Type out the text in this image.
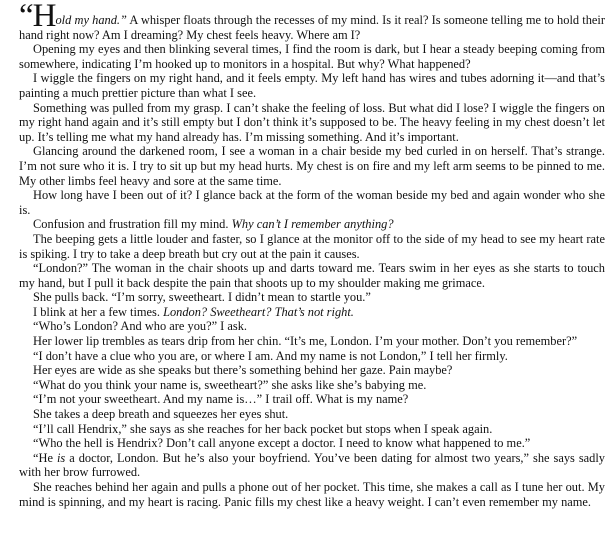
“Hold my hand.” A whisper floats through the recesses of my mind. Is it real? Is someone telling me to hold their hand right now? Am I dreaming? My chest feels heavy. Where am I?

Opening my eyes and then blinking several times, I find the room is dark, but I hear a steady beeping coming from somewhere, indicating I’m hooked up to monitors in a hospital. But why? What happened?

I wiggle the fingers on my right hand, and it feels empty. My left hand has wires and tubes adorning it—and that’s painting a much prettier picture than what I see.

Something was pulled from my grasp. I can’t shake the feeling of loss. But what did I lose? I wiggle the fingers on my right hand again and it’s still empty but I don’t think it’s supposed to be. The heavy feeling in my chest doesn’t let up. It’s telling me what my hand already has. I’m missing something. And it’s important.

Glancing around the darkened room, I see a woman in a chair beside my bed curled in on herself. That’s strange. I’m not sure who it is. I try to sit up but my head hurts. My chest is on fire and my left arm seems to be pinned to me. My other limbs feel heavy and sore at the same time.

How long have I been out of it? I glance back at the form of the woman beside my bed and again wonder who she is.

Confusion and frustration fill my mind. Why can’t I remember anything?

The beeping gets a little louder and faster, so I glance at the monitor off to the side of my head to see my heart rate is spiking. I try to take a deep breath but cry out at the pain it causes.

“London?” The woman in the chair shoots up and darts toward me. Tears swim in her eyes as she starts to touch my hand, but I pull it back despite the pain that shoots up to my shoulder making me grimace.

She pulls back. “I’m sorry, sweetheart. I didn’t mean to startle you.”

I blink at her a few times. London? Sweetheart? That’s not right.

“Who’s London? And who are you?” I ask.

Her lower lip trembles as tears drip from her chin. “It’s me, London. I’m your mother. Don’t you remember?”

“I don’t have a clue who you are, or where I am. And my name is not London,” I tell her firmly.

Her eyes are wide as she speaks but there’s something behind her gaze. Pain maybe?

“What do you think your name is, sweetheart?” she asks like she’s babying me.

“I’m not your sweetheart. And my name is…” I trail off. What is my name?

She takes a deep breath and squeezes her eyes shut.

“I’ll call Hendrix,” she says as she reaches for her back pocket but stops when I speak again.

“Who the hell is Hendrix? Don’t call anyone except a doctor. I need to know what happened to me.”

“He is a doctor, London. But he’s also your boyfriend. You’ve been dating for almost two years,” she says sadly with her brow furrowed.

She reaches behind her again and pulls a phone out of her pocket. This time, she makes a call as I tune her out. My mind is spinning, and my heart is racing. Panic fills my chest like a heavy weight. I can’t even remember my name.
